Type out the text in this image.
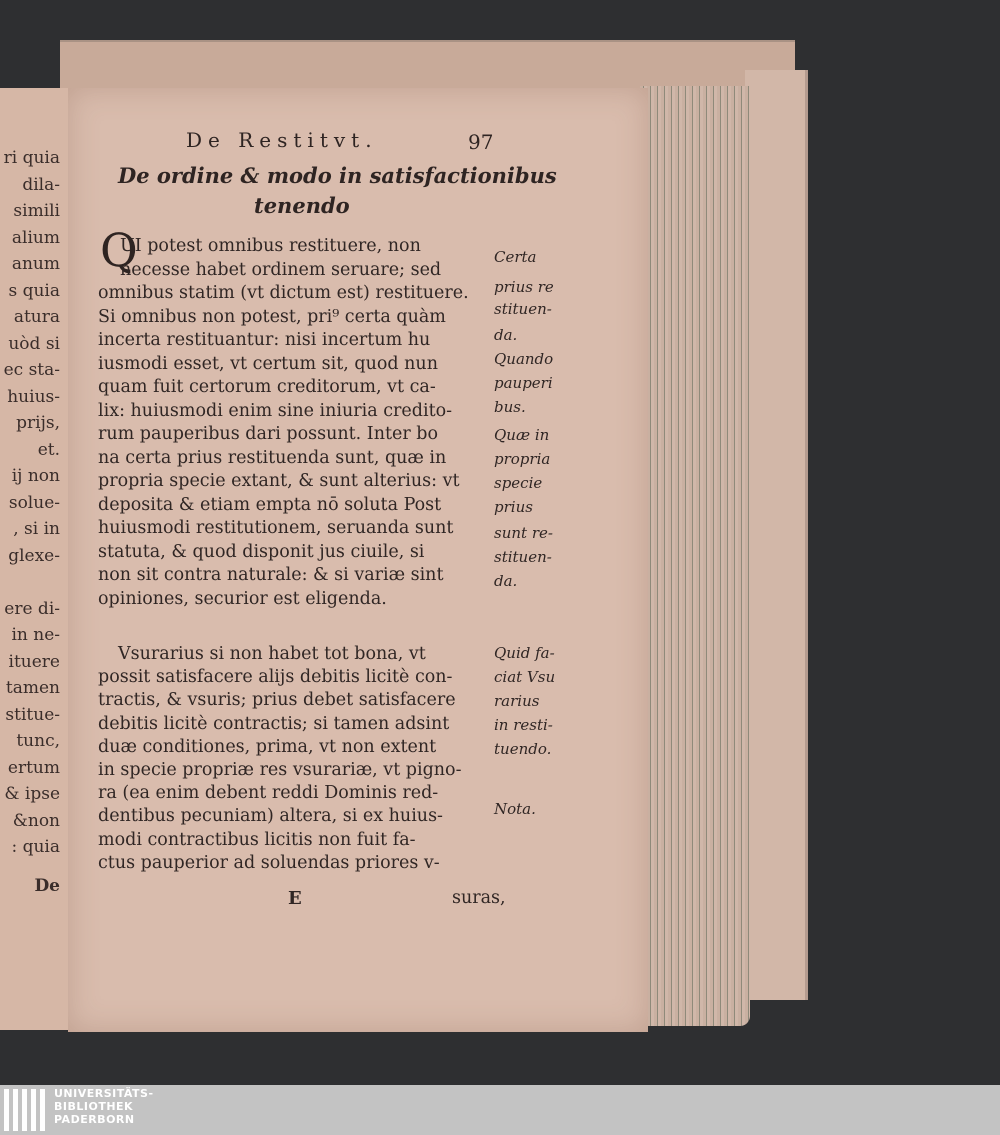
ri quia
dila-
simili
alium
anum
s quia
atura
uòd si
ec sta-
huius-
prijs,
et.
ij non
solue-
, si in
glexe-
ere di-
in ne-
ituere
tamen
stitue-
tunc,
ertum
& ipse
&non
: quia
De
De Restitvt.	97
De ordine & modo in satisfactionibus
tenendo
Q
UI potest omnibus restituere, non
necesse habet ordinem seruare; sed
omnibus statim (vt dictum est) restituere.
Si omnibus non potest, pri⁹ certa quàm
incerta restituantur: nisi incertum hu
iusmodi esset, vt certum sit, quod nun
quam fuit certorum creditorum, vt ca-
lix: huiusmodi enim sine iniuria credito-
rum pauperibus dari possunt. Inter bo
na certa prius restituenda sunt, quæ in
propria specie extant, & sunt alterius: vt
deposita & etiam empta nō soluta Post
huiusmodi restitutionem, seruanda sunt
statuta, & quod disponit jus ciuile, si
non sit contra naturale: & si variæ sint
opiniones, securior est eligenda.
Vsurarius si non habet tot bona, vt
possit satisfacere alijs debitis licitè con-
tractis, & vsuris; prius debet satisfacere
debitis licitè contractis; si tamen adsint
duæ conditiones, prima, vt non extent
in specie propriæ res vsurariæ, vt pigno-
ra (ea enim debent reddi Dominis red-
dentibus pecuniam) altera, si ex huius-
modi contractibus licitis non fuit fa-
ctus pauperior ad soluendas priores v-
Certa
prius re
stituen-
da.
Quando
pauperi
bus.
Quæ in
propria
specie
prius
sunt re-
stituen-
da.
Quid fa-
ciat Vsu
rarius
in resti-
tuendo.
Nota.
E	suras,
UNIVERSITÄTS-
BIBLIOTHEK
PADERBORN
